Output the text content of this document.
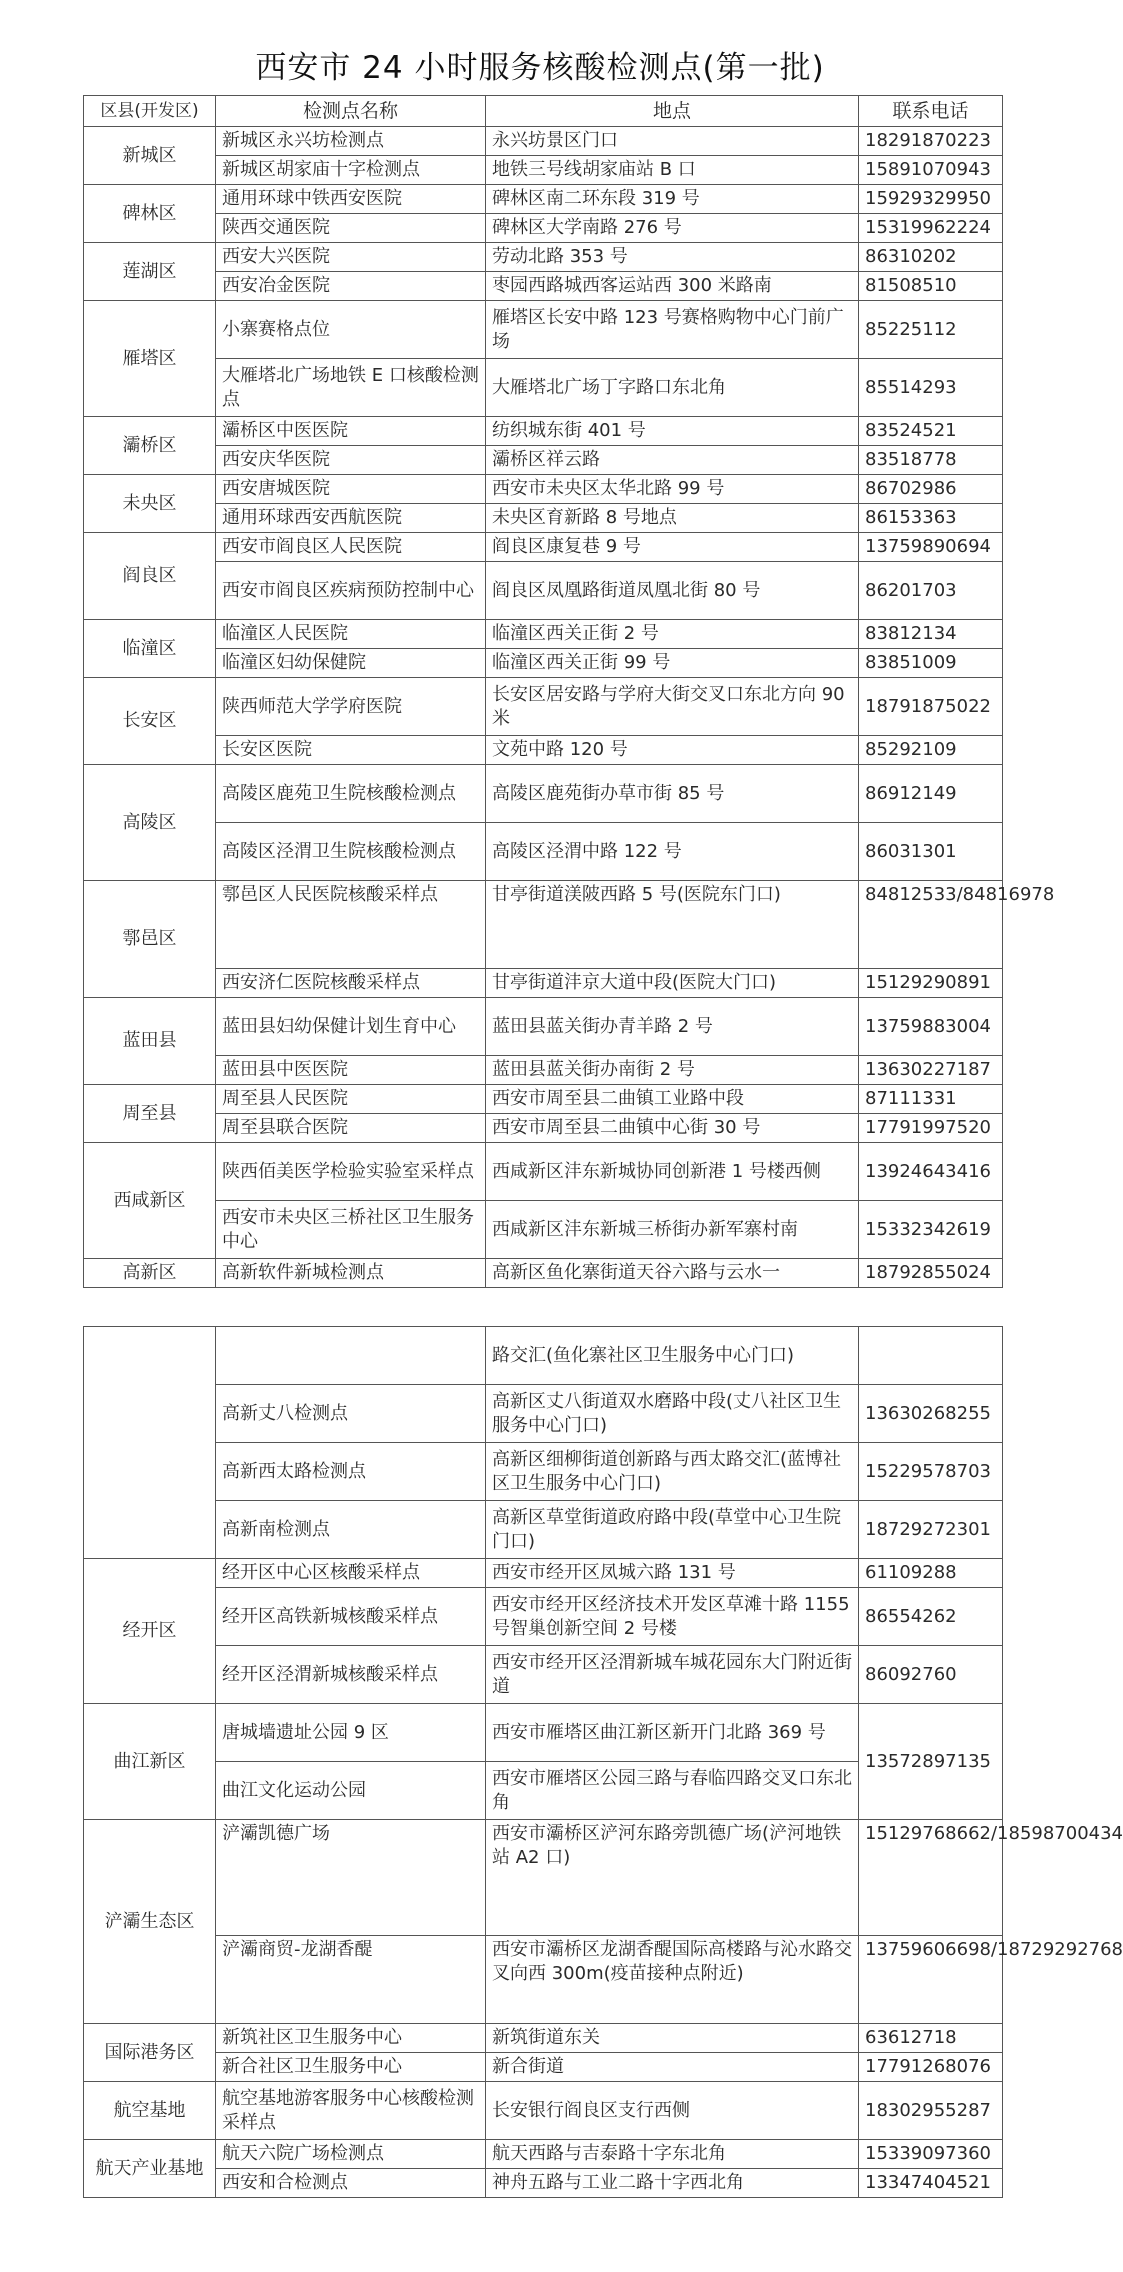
西安市 24 小时服务核酸检测点(第一批)
区县(开发区)	检测点名称	地点	联系电话
新城区	新城区永兴坊检测点	永兴坊景区门口	18291870223
	新城区胡家庙十字检测点	地铁三号线胡家庙站 B 口	15891070943
碑林区	通用环球中铁西安医院	碑林区南二环东段 319 号	15929329950
	陕西交通医院	碑林区大学南路 276 号	15319962224
莲湖区	西安大兴医院	劳动北路 353 号	86310202
	西安冶金医院	枣园西路城西客运站西 300 米路南	81508510
雁塔区	小寨赛格点位	雁塔区长安中路 123 号赛格购物中心门前广场	85225112
	大雁塔北广场地铁 E 口核酸检测点	大雁塔北广场丁字路口东北角	85514293
灞桥区	灞桥区中医医院	纺织城东街 401 号	83524521
	西安庆华医院	灞桥区祥云路	83518778
未央区	西安唐城医院	西安市未央区太华北路 99 号	86702986
	通用环球西安西航医院	未央区育新路 8 号地点	86153363
阎良区	西安市阎良区人民医院	阎良区康复巷 9 号	13759890694
	西安市阎良区疾病预防控制中心	阎良区凤凰路街道凤凰北街 80 号	86201703
临潼区	临潼区人民医院	临潼区西关正街 2 号	83812134
	临潼区妇幼保健院	临潼区西关正街 99 号	83851009
长安区	陕西师范大学学府医院	长安区居安路与学府大街交叉口东北方向 90 米	18791875022
	长安区医院	文苑中路 120 号	85292109
高陵区	高陵区鹿苑卫生院核酸检测点	高陵区鹿苑街办草市街 85 号	86912149
	高陵区泾渭卫生院核酸检测点	高陵区泾渭中路 122 号	86031301
鄠邑区	鄠邑区人民医院核酸采样点	甘亭街道渼陂西路 5 号(医院东门口)	84812533/84816978
	西安济仁医院核酸采样点	甘亭街道沣京大道中段(医院大门口)	15129290891
蓝田县	蓝田县妇幼保健计划生育中心	蓝田县蓝关街办青羊路 2 号	13759883004
	蓝田县中医医院	蓝田县蓝关街办南街 2 号	13630227187
周至县	周至县人民医院	西安市周至县二曲镇工业路中段	87111331
	周至县联合医院	西安市周至县二曲镇中心街 30 号	17791997520
西咸新区	陕西佰美医学检验实验室采样点	西咸新区沣东新城协同创新港 1 号楼西侧	13924643416
	西安市未央区三桥社区卫生服务中心	西咸新区沣东新城三桥街办新军寨村南	15332342619
高新区	高新软件新城检测点	高新区鱼化寨街道天谷六路与云水一	18792855024
		路交汇(鱼化寨社区卫生服务中心门口)	
	高新丈八检测点	高新区丈八街道双水磨路中段(丈八社区卫生服务中心门口)	13630268255
	高新西太路检测点	高新区细柳街道创新路与西太路交汇(蓝博社区卫生服务中心门口)	15229578703
	高新南检测点	高新区草堂街道政府路中段(草堂中心卫生院门口)	18729272301
经开区	经开区中心区核酸采样点	西安市经开区凤城六路 131 号	61109288
	经开区高铁新城核酸采样点	西安市经开区经济技术开发区草滩十路 1155 号智巢创新空间 2 号楼	86554262
	经开区泾渭新城核酸采样点	西安市经开区泾渭新城车城花园东大门附近街道	86092760
曲江新区	唐城墙遗址公园 9 区	西安市雁塔区曲江新区新开门北路 369 号	13572897135
	曲江文化运动公园	西安市雁塔区公园三路与春临四路交叉口东北角	
浐灞生态区	浐灞凯德广场	西安市灞桥区浐河东路旁凯德广场(浐河地铁站 A2 口)	15129768662/18598700434
	浐灞商贸-龙湖香醍	西安市灞桥区龙湖香醍国际高楼路与沁水路交叉向西 300m(疫苗接种点附近)	13759606698/18729292768
国际港务区	新筑社区卫生服务中心	新筑街道东关	63612718
	新合社区卫生服务中心	新合街道	17791268076
航空基地	航空基地游客服务中心核酸检测采样点	长安银行阎良区支行西侧	18302955287
航天产业基地	航天六院广场检测点	航天西路与吉泰路十字东北角	15339097360
	西安和合检测点	神舟五路与工业二路十字西北角	13347404521
